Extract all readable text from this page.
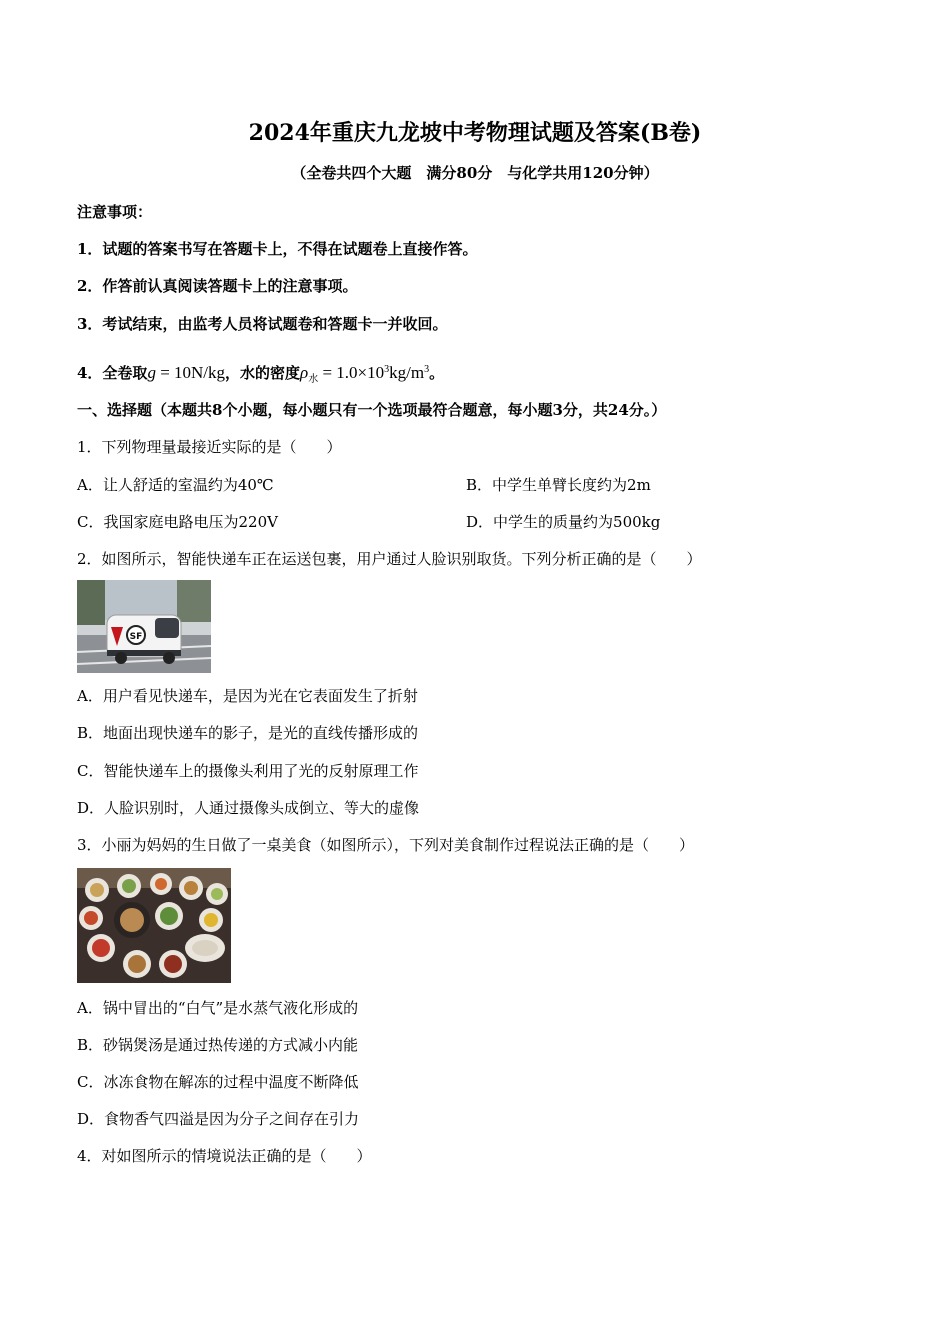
2024年重庆九龙坡中考物理试题及答案(B卷)
（全卷共四个大题　满分80分　与化学共用120分钟）
注意事项：
1．试题的答案书写在答题卡上，不得在试题卷上直接作答。
2．作答前认真阅读答题卡上的注意事项。
3．考试结束，由监考人员将试题卷和答题卡一并收回。
4．全卷取g = 10N/kg，水的密度$\rho_水 = 1.0\times 10^3kg/m^3$。
一、选择题（本题共8个小题，每小题只有一个选项最符合题意，每小题3分，共24分。）
1．下列物理量最接近实际的是（　　）
A．让人舒适的室温约为40℃	B．中学生单臂长度约为2m
C．我国家庭电路电压为220V	D．中学生的质量约为500kg
2．如图所示，智能快递车正在运送包裹，用户通过人脸识别取货。下列分析正确的是（　　）
SF
A．用户看见快递车，是因为光在它表面发生了折射
B．地面出现快递车的影子，是光的直线传播形成的
C．智能快递车上的摄像头利用了光的反射原理工作
D．人脸识别时，人通过摄像头成倒立、等大的虚像
3．小丽为妈妈的生日做了一桌美食（如图所示），下列对美食制作过程说法正确的是（　　）
A．锅中冒出的“白气”是水蒸气液化形成的
B．砂锅煲汤是通过热传递的方式减小内能
C．冰冻食物在解冻的过程中温度不断降低
D．食物香气四溢是因为分子之间存在引力
4．对如图所示的情境说法正确的是（　　）
